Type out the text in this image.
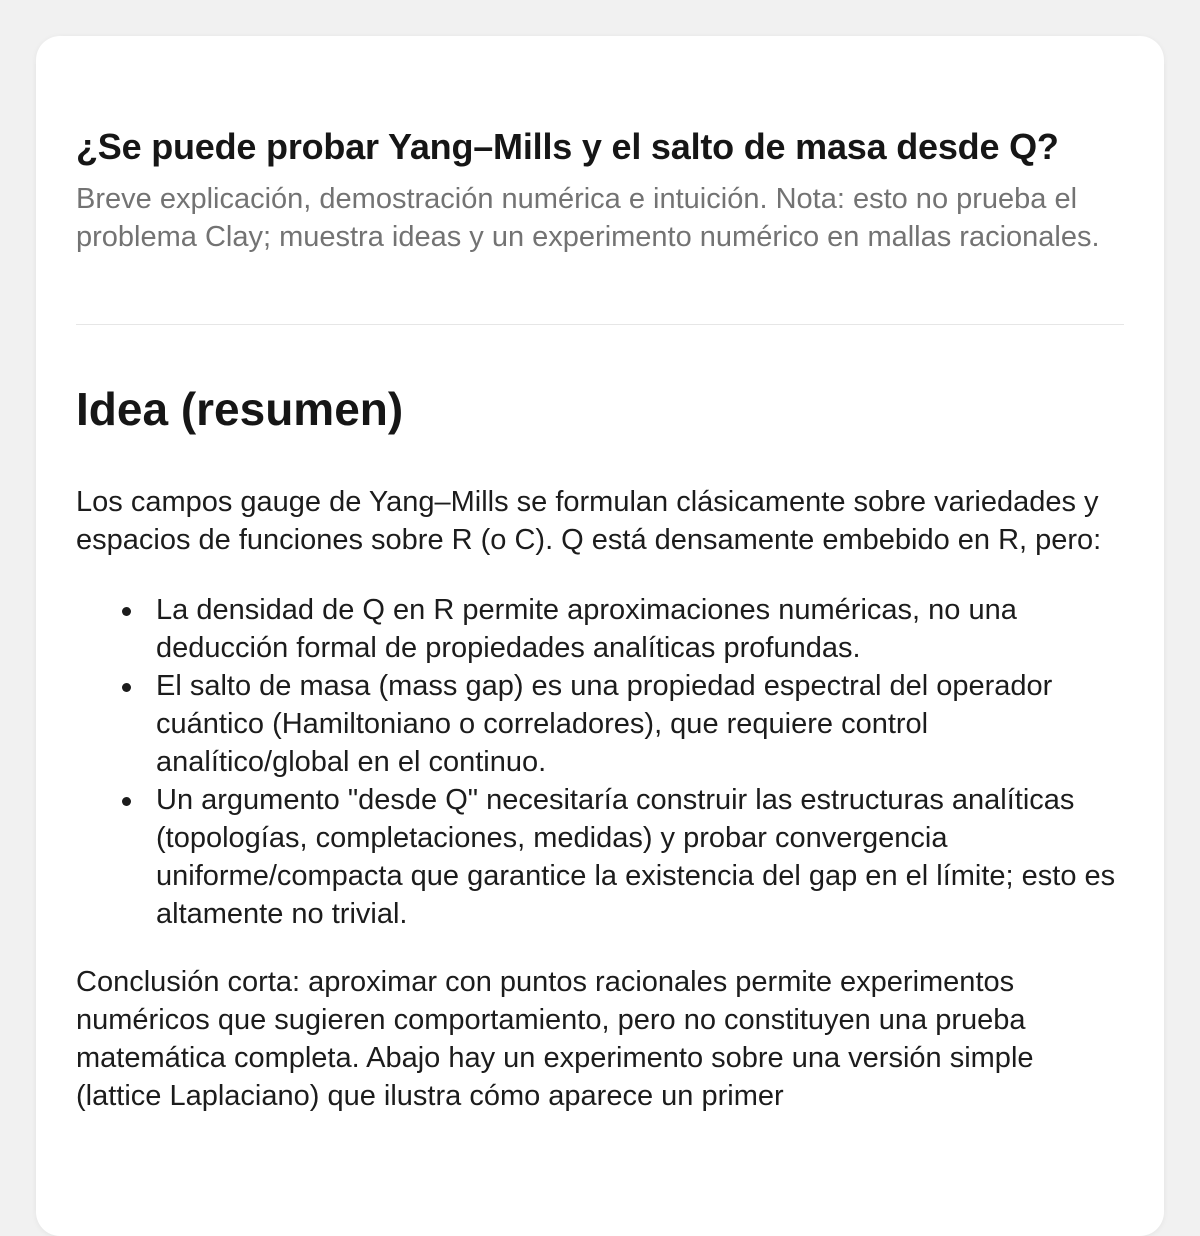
¿Se puede probar Yang–Mills y el salto de masa desde Q?

Breve explicación, demostración numérica e intuición. Nota: esto no prueba el problema Clay; muestra ideas y un experimento numérico en mallas racionales.

Idea (resumen)

Los campos gauge de Yang–Mills se formulan clásicamente sobre variedades y espacios de funciones sobre R (o C). Q está densamente embebido en R, pero:

La densidad de Q en R permite aproximaciones numéricas, no una deducción formal de propiedades analíticas profundas.
El salto de masa (mass gap) es una propiedad espectral del operador cuántico (Hamiltoniano o correladores), que requiere control analítico/global en el continuo.
Un argumento "desde Q" necesitaría construir las estructuras analíticas (topologías, completaciones, medidas) y probar convergencia uniforme/compacta que garantice la existencia del gap en el límite; esto es altamente no trivial.

Conclusión corta: aproximar con puntos racionales permite experimentos numéricos que sugieren comportamiento, pero no constituyen una prueba matemática completa. Abajo hay un experimento sobre una versión simple (lattice Laplaciano) que ilustra cómo aparece un primer
